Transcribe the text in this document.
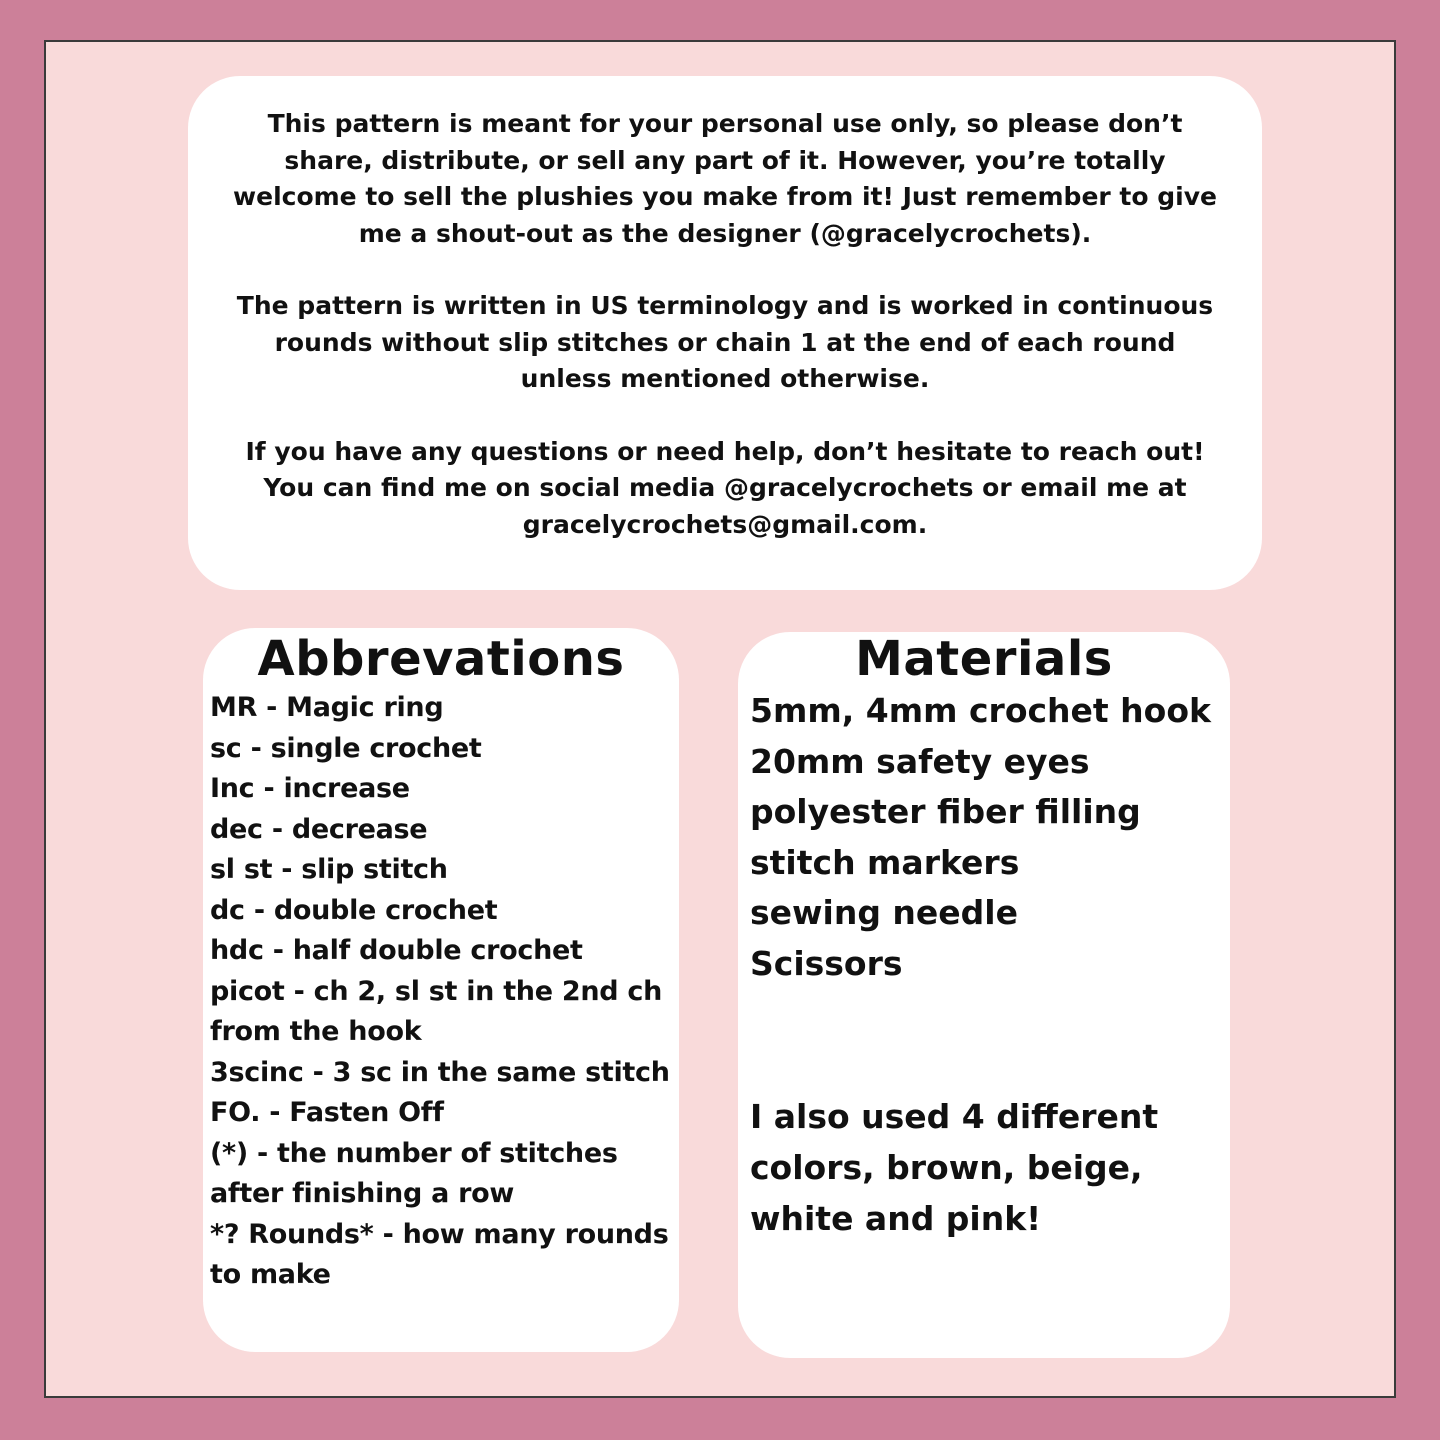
This pattern is meant for your personal use only, so please don’t share, distribute, or sell any part of it. However, you’re totally welcome to sell the plushies you make from it! Just remember to give me a shout-out as the designer (@gracelycrochets).

The pattern is written in US terminology and is worked in continuous rounds without slip stitches or chain 1 at the end of each round unless mentioned otherwise.

If you have any questions or need help, don’t hesitate to reach out! You can find me on social media @gracelycrochets or email me at gracelycrochets@gmail.com.

Abbrevations
MR - Magic ring
sc - single crochet
Inc - increase
dec - decrease
sl st - slip stitch
dc - double crochet
hdc - half double crochet
picot - ch 2, sl st in the 2nd ch from the hook
3scinc - 3 sc in the same stitch
FO. - Fasten Off
(*) - the number of stitches after finishing a row
*? Rounds* - how many rounds to make
Materials
5mm, 4mm crochet hook
20mm safety eyes
polyester fiber filling
stitch markers
sewing needle
Scissors

I also used 4 different colors, brown, beige, white and pink!
